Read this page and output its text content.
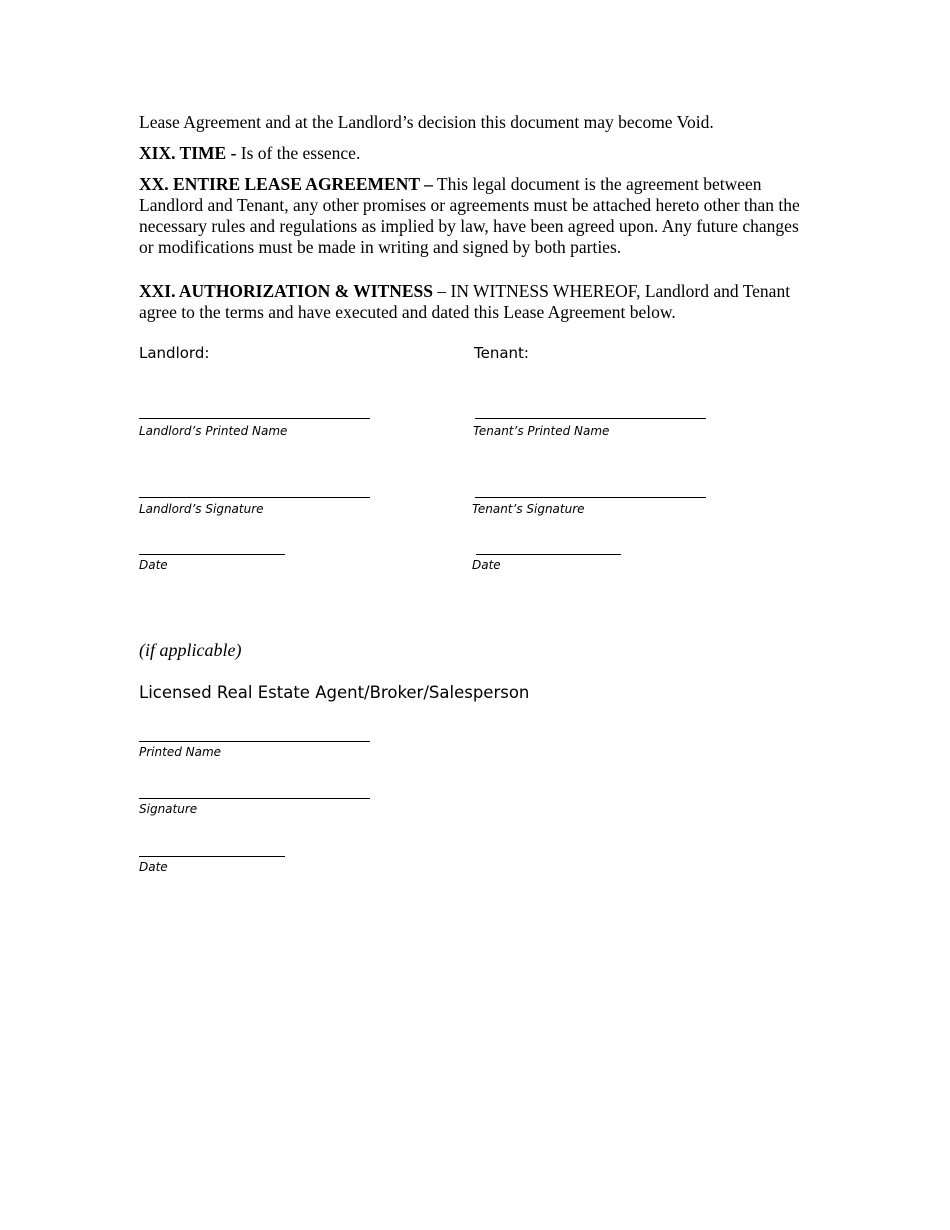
Lease Agreement and at the Landlord’s decision this document may become Void.
XIX. TIME - Is of the essence.
XX. ENTIRE LEASE AGREEMENT – This legal document is the agreement between Landlord and Tenant, any other promises or agreements must be attached hereto other than the necessary rules and regulations as implied by law, have been agreed upon. Any future changes or modifications must be made in writing and signed by both parties.
XXI. AUTHORIZATION & WITNESS – IN WITNESS WHEREOF, Landlord and Tenant agree to the terms and have executed and dated this Lease Agreement below.
Landlord:
Landlord’s Printed Name
Landlord’s Signature
Date
Tenant:
Tenant’s Printed Name
Tenant’s Signature
Date
(if applicable)
Licensed Real Estate Agent/Broker/Salesperson
Printed Name
Signature
Date
